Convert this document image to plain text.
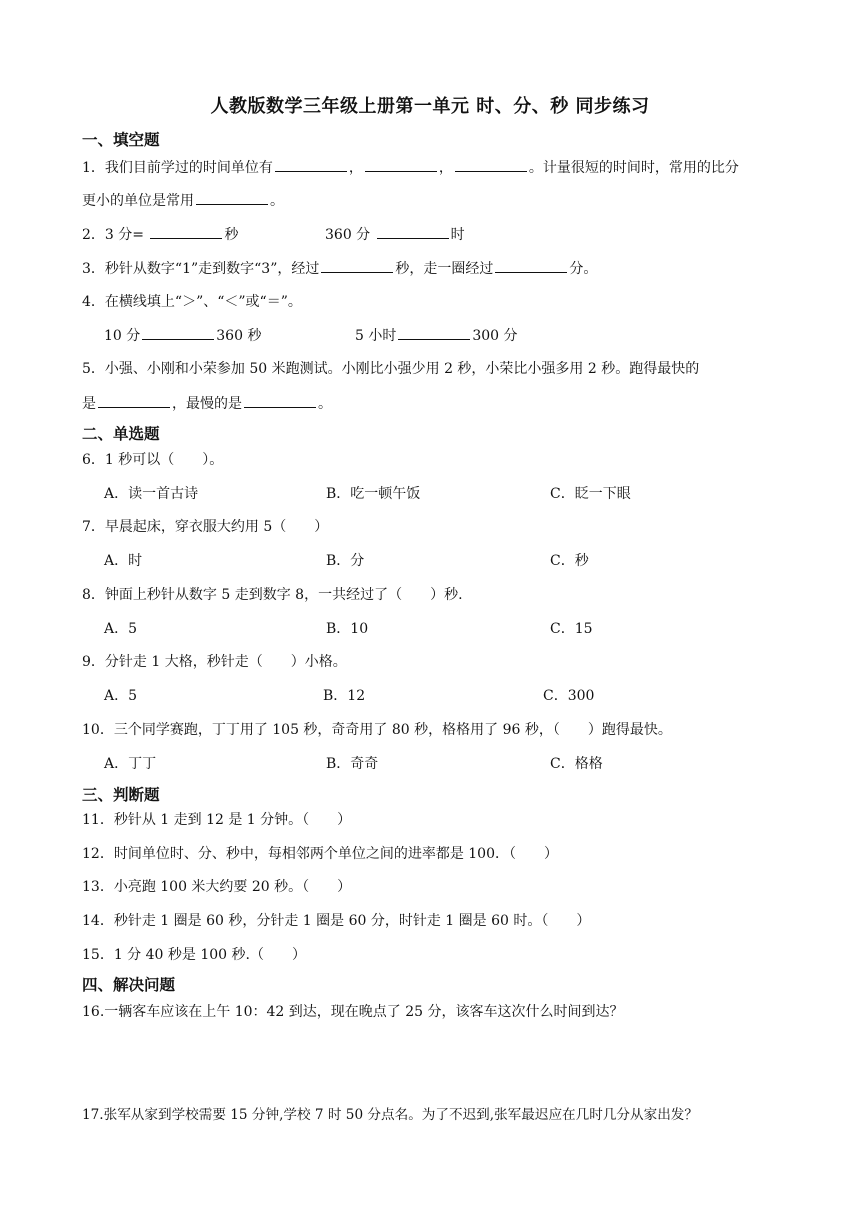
人教版数学三年级上册第一单元 时、分、秒 同步练习
一、填空题
1．我们目前学过的时间单位有	，	，	。计量很短的时间时，常用的比分
更小的单位是常用	。
2．3 分=	秒	360 分	时
3．秒针从数字“1”走到数字“3”，经过	秒，走一圈经过	分。
4．在横线填上“＞”、“＜”或“＝”。
10 分	360 秒	5 小时	300 分
5．小强、小刚和小荣参加 50 米跑测试。小刚比小强少用 2 秒，小荣比小强多用 2 秒。跑得最快的
是	，最慢的是	。
二、单选题
6．1 秒可以（　　）。
A．读一首古诗	B．吃一顿午饭	C．眨一下眼
7．早晨起床，穿衣服大约用 5（　　）
A．时	B．分	C．秒
8．钟面上秒针从数字 5 走到数字 8，一共经过了（　　）秒.
A．5	B．10	C．15
9．分针走 1 大格，秒针走（　　）小格。
A．5	B．12	C．300
10．三个同学赛跑，丁丁用了 105 秒，奇奇用了 80 秒，格格用了 96 秒，（　　）跑得最快。
A．丁丁	B．奇奇	C．格格
三、判断题
11．秒针从 1 走到 12 是 1 分钟。（　　）
12．时间单位时、分、秒中，每相邻两个单位之间的进率都是 100．（　　）
13．小亮跑 100 米大约要 20 秒。（　　）
14．秒针走 1 圈是 60 秒，分针走 1 圈是 60 分，时针走 1 圈是 60 时。（　　）
15．1 分 40 秒是 100 秒.（　　）
四、解决问题
16.一辆客车应该在上午 10：42 到达，现在晚点了 25 分，该客车这次什么时间到达？
17.张军从家到学校需要 15 分钟,学校 7 时 50 分点名。为了不迟到,张军最迟应在几时几分从家出发？
